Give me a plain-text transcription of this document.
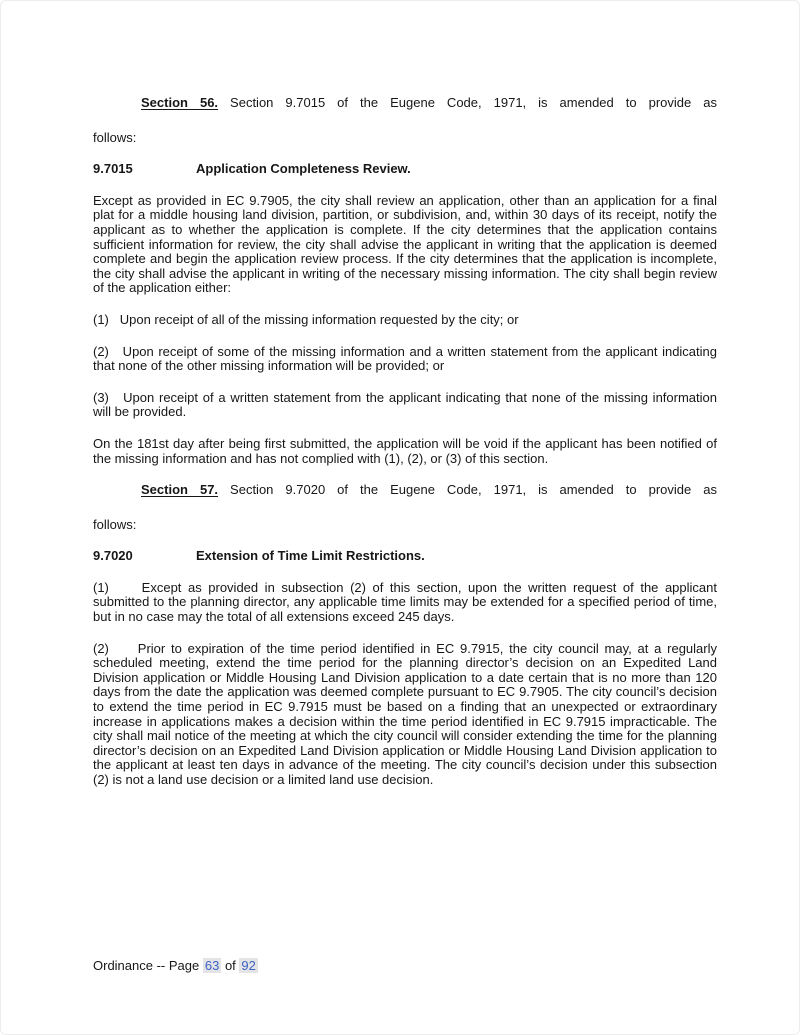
Section 56. Section 9.7015 of the Eugene Code, 1971, is amended to provide as

follows:

9.7015	Application Completeness Review.

Except as provided in EC 9.7905, the city shall review an application, other than an application for a final plat for a middle housing land division, partition, or subdivision, and, within 30 days of its receipt, notify the applicant as to whether the application is complete. If the city determines that the application contains sufficient information for review, the city shall advise the applicant in writing that the application is deemed complete and begin the application review process. If the city determines that the application is incomplete, the city shall advise the applicant in writing of the necessary missing information. The city shall begin review of the application either:

(1)   Upon receipt of all of the missing information requested by the city; or

(2)   Upon receipt of some of the missing information and a written statement from the applicant indicating that none of the other missing information will be provided; or

(3)   Upon receipt of a written statement from the applicant indicating that none of the missing information will be provided.

On the 181st day after being first submitted, the application will be void if the applicant has been notified of the missing information and has not complied with (1), (2), or (3) of this section.

Section 57. Section 9.7020 of the Eugene Code, 1971, is amended to provide as

follows:

9.7020	Extension of Time Limit Restrictions.

(1)     Except as provided in subsection (2) of this section, upon the written request of the applicant submitted to the planning director, any applicable time limits may be extended for a specified period of time, but in no case may the total of all extensions exceed 245 days.

(2)     Prior to expiration of the time period identified in EC 9.7915, the city council may, at a regularly scheduled meeting, extend the time period for the planning director’s decision on an Expedited Land Division application or Middle Housing Land Division application to a date certain that is no more than 120 days from the date the application was deemed complete pursuant to EC 9.7905. The city council’s decision to extend the time period in EC 9.7915 must be based on a finding that an unexpected or extraordinary increase in applications makes a decision within the time period identified in EC 9.7915 impracticable. The city shall mail notice of the meeting at which the city council will consider extending the time for the planning director’s decision on an Expedited Land Division application or Middle Housing Land Division application to the applicant at least ten days in advance of the meeting. The city council’s decision under this subsection (2) is not a land use decision or a limited land use decision.

Ordinance -- Page 63 of 92
